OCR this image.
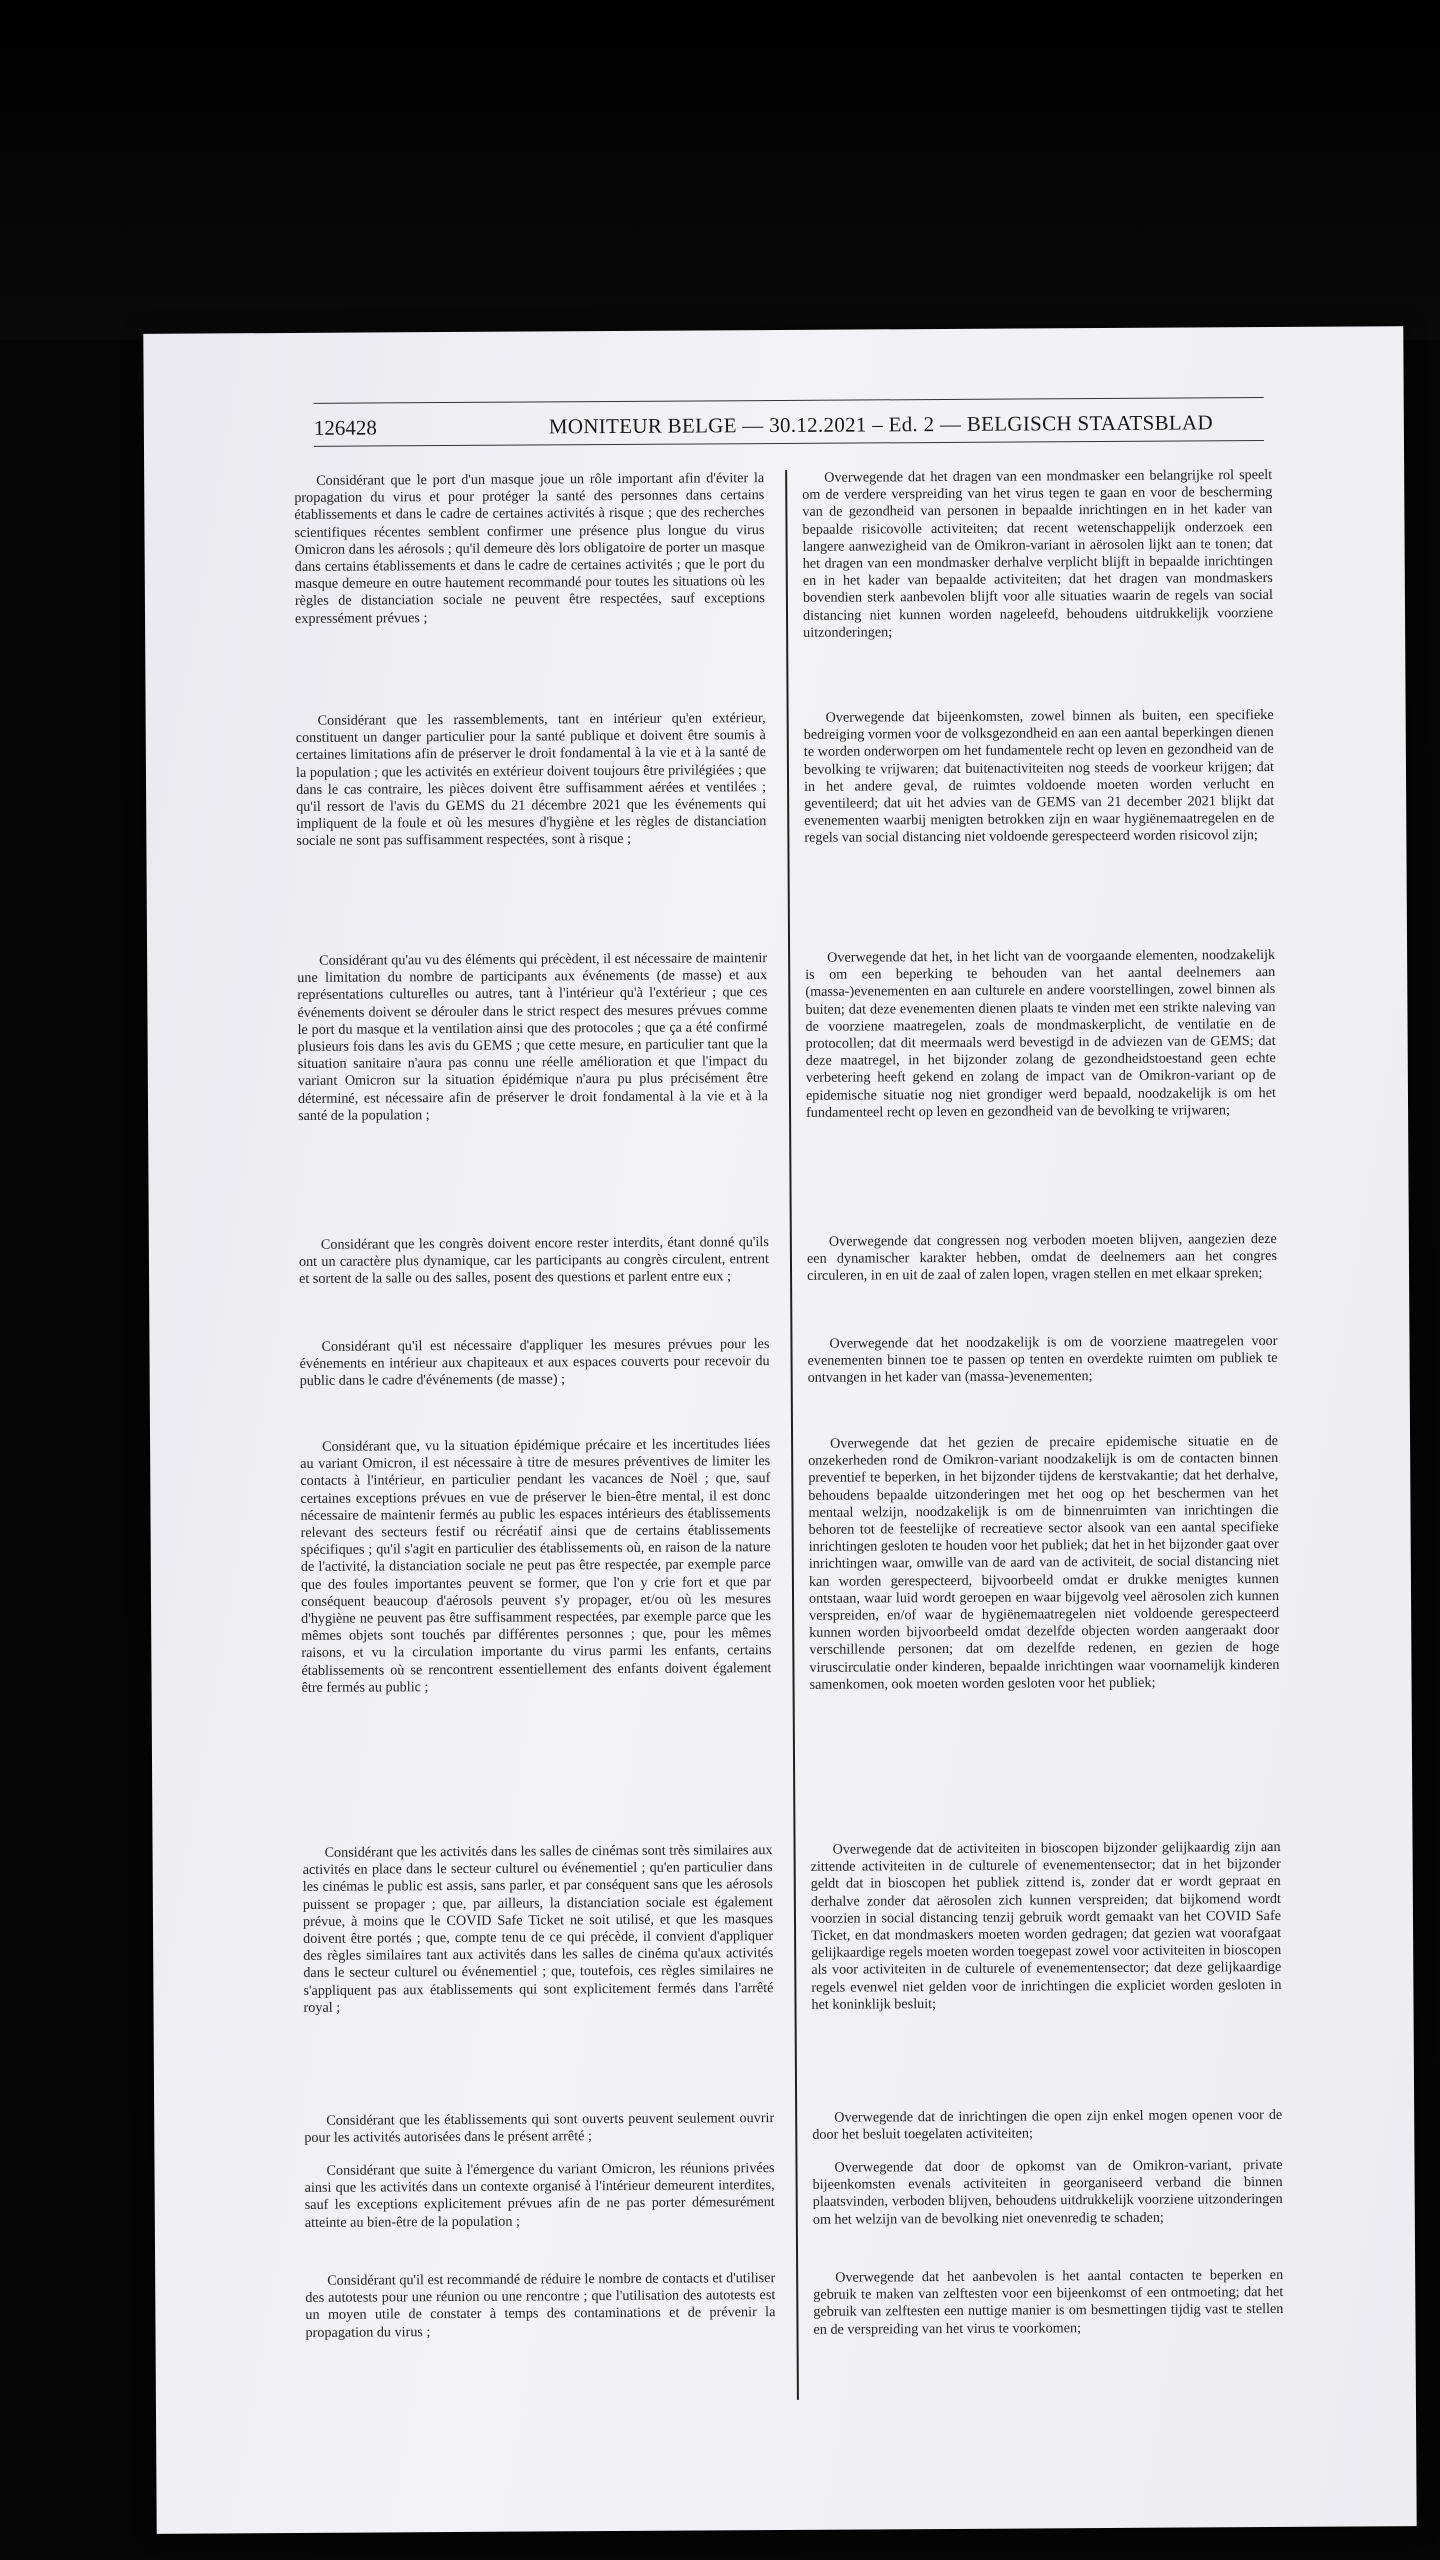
126428	MONITEUR BELGE — 30.12.2021 – Ed. 2 — BELGISCH STAATSBLAD

Considérant que le port d'un masque joue un rôle important afin d'éviter la propagation du virus et pour protéger la santé des personnes dans certains établissements et dans le cadre de certaines activités à risque ; que des recherches scientifiques récentes semblent confirmer une présence plus longue du virus Omicron dans les aérosols ; qu'il demeure dès lors obligatoire de porter un masque dans certains établissements et dans le cadre de certaines activités ; que le port du masque demeure en outre hautement recommandé pour toutes les situations où les règles de distanciation sociale ne peuvent être respectées, sauf exceptions expressément prévues ;

Considérant que les rassemblements, tant en intérieur qu'en extérieur, constituent un danger particulier pour la santé publique et doivent être soumis à certaines limitations afin de préserver le droit fondamental à la vie et à la santé de la population ; que les activités en extérieur doivent toujours être privilégiées ; que dans le cas contraire, les pièces doivent être suffisamment aérées et ventilées ; qu'il ressort de l'avis du GEMS du 21 décembre 2021 que les événements qui impliquent de la foule et où les mesures d'hygiène et les règles de distanciation sociale ne sont pas suffisamment respectées, sont à risque ;

Considérant qu'au vu des éléments qui précèdent, il est nécessaire de maintenir une limitation du nombre de participants aux événements (de masse) et aux représentations culturelles ou autres, tant à l'intérieur qu'à l'extérieur ; que ces événements doivent se dérouler dans le strict respect des mesures prévues comme le port du masque et la ventilation ainsi que des protocoles ; que ça a été confirmé plusieurs fois dans les avis du GEMS ; que cette mesure, en particulier tant que la situation sanitaire n'aura pas connu une réelle amélioration et que l'impact du variant Omicron sur la situation épidémique n'aura pu plus précisément être déterminé, est nécessaire afin de préserver le droit fondamental à la vie et à la santé de la population ;

Considérant que les congrès doivent encore rester interdits, étant donné qu'ils ont un caractère plus dynamique, car les participants au congrès circulent, entrent et sortent de la salle ou des salles, posent des questions et parlent entre eux ;

Considérant qu'il est nécessaire d'appliquer les mesures prévues pour les événements en intérieur aux chapiteaux et aux espaces couverts pour recevoir du public dans le cadre d'événements (de masse) ;

Considérant que, vu la situation épidémique précaire et les incertitudes liées au variant Omicron, il est nécessaire à titre de mesures préventives de limiter les contacts à l'intérieur, en particulier pendant les vacances de Noël ; que, sauf certaines exceptions prévues en vue de préserver le bien-être mental, il est donc nécessaire de maintenir fermés au public les espaces intérieurs des établissements relevant des secteurs festif ou récréatif ainsi que de certains établissements spécifiques ; qu'il s'agit en particulier des établissements où, en raison de la nature de l'activité, la distanciation sociale ne peut pas être respectée, par exemple parce que des foules importantes peuvent se former, que l'on y crie fort et que par conséquent beaucoup d'aérosols peuvent s'y propager, et/ou où les mesures d'hygiène ne peuvent pas être suffisamment respectées, par exemple parce que les mêmes objets sont touchés par différentes personnes ; que, pour les mêmes raisons, et vu la circulation importante du virus parmi les enfants, certains établissements où se rencontrent essentiellement des enfants doivent également être fermés au public ;

Considérant que les activités dans les salles de cinémas sont très similaires aux activités en place dans le secteur culturel ou événementiel ; qu'en particulier dans les cinémas le public est assis, sans parler, et par conséquent sans que les aérosols puissent se propager ; que, par ailleurs, la distanciation sociale est également prévue, à moins que le COVID Safe Ticket ne soit utilisé, et que les masques doivent être portés ; que, compte tenu de ce qui précède, il convient d'appliquer des règles similaires tant aux activités dans les salles de cinéma qu'aux activités dans le secteur culturel ou événementiel ; que, toutefois, ces règles similaires ne s'appliquent pas aux établissements qui sont explicitement fermés dans l'arrêté royal ;

Considérant que les établissements qui sont ouverts peuvent seulement ouvrir pour les activités autorisées dans le présent arrêté ;

Considérant que suite à l'émergence du variant Omicron, les réunions privées ainsi que les activités dans un contexte organisé à l'intérieur demeurent interdites, sauf les exceptions explicitement prévues afin de ne pas porter démesurément atteinte au bien-être de la population ;

Considérant qu'il est recommandé de réduire le nombre de contacts et d'utiliser des autotests pour une réunion ou une rencontre ; que l'utilisation des autotests est un moyen utile de constater à temps des contaminations et de prévenir la propagation du virus ;

Overwegende dat het dragen van een mondmasker een belangrijke rol speelt om de verdere verspreiding van het virus tegen te gaan en voor de bescherming van de gezondheid van personen in bepaalde inrichtingen en in het kader van bepaalde risicovolle activiteiten; dat recent wetenschappelijk onderzoek een langere aanwezigheid van de Omikron-variant in aërosolen lijkt aan te tonen; dat het dragen van een mondmasker derhalve verplicht blijft in bepaalde inrichtingen en in het kader van bepaalde activiteiten; dat het dragen van mondmaskers bovendien sterk aanbevolen blijft voor alle situaties waarin de regels van social distancing niet kunnen worden nageleefd, behoudens uitdrukkelijk voorziene uitzonderingen;

Overwegende dat bijeenkomsten, zowel binnen als buiten, een specifieke bedreiging vormen voor de volksgezondheid en aan een aantal beperkingen dienen te worden onderworpen om het fundamentele recht op leven en gezondheid van de bevolking te vrijwaren; dat buitenactiviteiten nog steeds de voorkeur krijgen; dat in het andere geval, de ruimtes voldoende moeten worden verlucht en geventileerd; dat uit het advies van de GEMS van 21 december 2021 blijkt dat evenementen waarbij menigten betrokken zijn en waar hygiënemaatregelen en de regels van social distancing niet voldoende gerespecteerd worden risicovol zijn;

Overwegende dat het, in het licht van de voorgaande elementen, noodzakelijk is om een beperking te behouden van het aantal deelnemers aan (massa-)evenementen en aan culturele en andere voorstellingen, zowel binnen als buiten; dat deze evenementen dienen plaats te vinden met een strikte naleving van de voorziene maatregelen, zoals de mondmaskerplicht, de ventilatie en de protocollen; dat dit meermaals werd bevestigd in de adviezen van de GEMS; dat deze maatregel, in het bijzonder zolang de gezondheidstoestand geen echte verbetering heeft gekend en zolang de impact van de Omikron-variant op de epidemische situatie nog niet grondiger werd bepaald, noodzakelijk is om het fundamenteel recht op leven en gezondheid van de bevolking te vrijwaren;

Overwegende dat congressen nog verboden moeten blijven, aangezien deze een dynamischer karakter hebben, omdat de deelnemers aan het congres circuleren, in en uit de zaal of zalen lopen, vragen stellen en met elkaar spreken;

Overwegende dat het noodzakelijk is om de voorziene maatregelen voor evenementen binnen toe te passen op tenten en overdekte ruimten om publiek te ontvangen in het kader van (massa-)evenementen;

Overwegende dat het gezien de precaire epidemische situatie en de onzekerheden rond de Omikron-variant noodzakelijk is om de contacten binnen preventief te beperken, in het bijzonder tijdens de kerstvakantie; dat het derhalve, behoudens bepaalde uitzonderingen met het oog op het beschermen van het mentaal welzijn, noodzakelijk is om de binnenruimten van inrichtingen die behoren tot de feestelijke of recreatieve sector alsook van een aantal specifieke inrichtingen gesloten te houden voor het publiek; dat het in het bijzonder gaat over inrichtingen waar, omwille van de aard van de activiteit, de social distancing niet kan worden gerespecteerd, bijvoorbeeld omdat er drukke menigtes kunnen ontstaan, waar luid wordt geroepen en waar bijgevolg veel aërosolen zich kunnen verspreiden, en/of waar de hygiënemaatregelen niet voldoende gerespecteerd kunnen worden bijvoorbeeld omdat dezelfde objecten worden aangeraakt door verschillende personen; dat om dezelfde redenen, en gezien de hoge viruscirculatie onder kinderen, bepaalde inrichtingen waar voornamelijk kinderen samenkomen, ook moeten worden gesloten voor het publiek;

Overwegende dat de activiteiten in bioscopen bijzonder gelijkaardig zijn aan zittende activiteiten in de culturele of evenementensector; dat in het bijzonder geldt dat in bioscopen het publiek zittend is, zonder dat er wordt gepraat en derhalve zonder dat aërosolen zich kunnen verspreiden; dat bijkomend wordt voorzien in social distancing tenzij gebruik wordt gemaakt van het COVID Safe Ticket, en dat mondmaskers moeten worden gedragen; dat gezien wat voorafgaat gelijkaardige regels moeten worden toegepast zowel voor activiteiten in bioscopen als voor activiteiten in de culturele of evenementensector; dat deze gelijkaardige regels evenwel niet gelden voor de inrichtingen die expliciet worden gesloten in het koninklijk besluit;

Overwegende dat de inrichtingen die open zijn enkel mogen openen voor de door het besluit toegelaten activiteiten;

Overwegende dat door de opkomst van de Omikron-variant, private bijeenkomsten evenals activiteiten in georganiseerd verband die binnen plaatsvinden, verboden blijven, behoudens uitdrukkelijk voorziene uitzonderingen om het welzijn van de bevolking niet onevenredig te schaden;

Overwegende dat het aanbevolen is het aantal contacten te beperken en gebruik te maken van zelftesten voor een bijeenkomst of een ontmoeting; dat het gebruik van zelftesten een nuttige manier is om besmettingen tijdig vast te stellen en de verspreiding van het virus te voorkomen;
